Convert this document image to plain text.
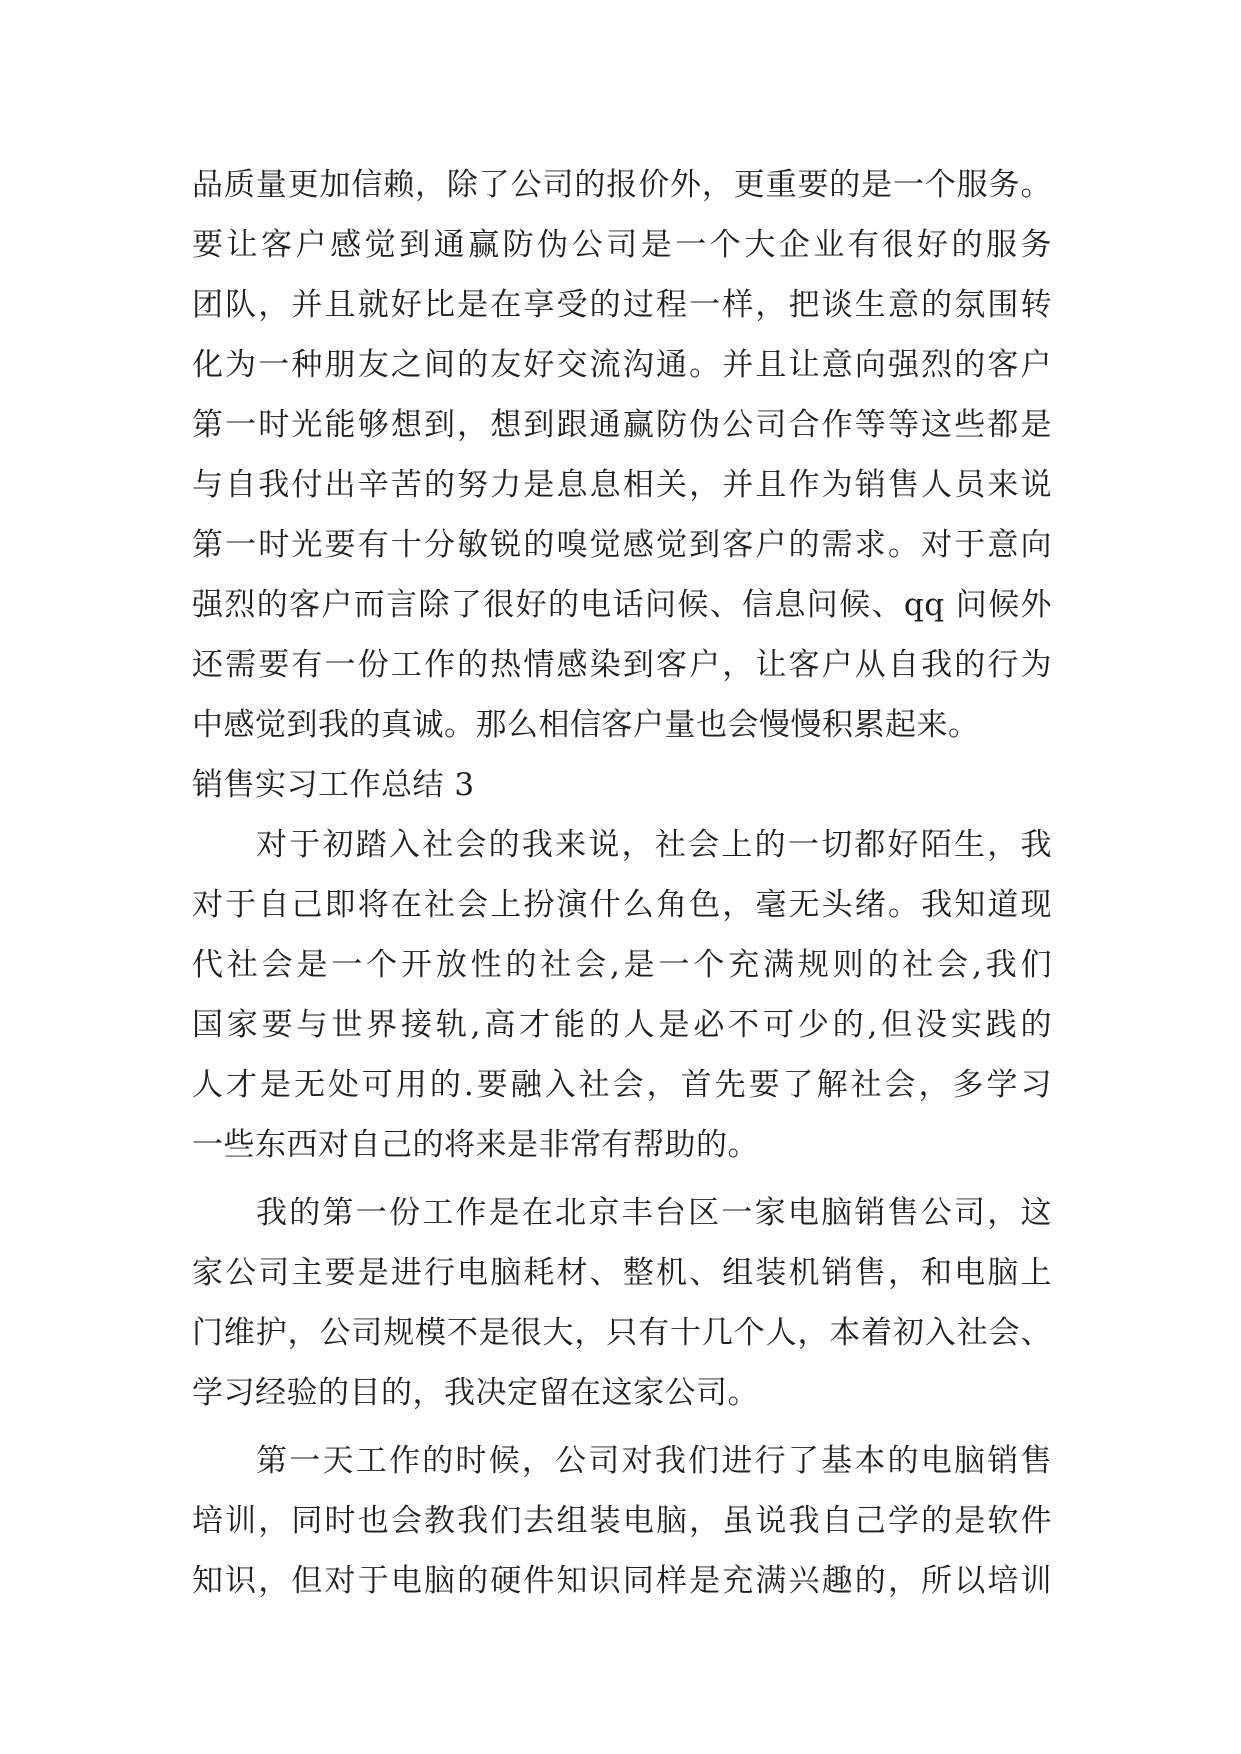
品质量更加信赖，除了公司的报价外，更重要的是一个服务。
要让客户感觉到通赢防伪公司是一个大企业有很好的服务
团队，并且就好比是在享受的过程一样，把谈生意的氛围转
化为一种朋友之间的友好交流沟通。并且让意向强烈的客户
第一时光能够想到，想到跟通赢防伪公司合作等等这些都是
与自我付出辛苦的努力是息息相关，并且作为销售人员来说
第一时光要有十分敏锐的嗅觉感觉到客户的需求。对于意向
强烈的客户而言除了很好的电话问候、信息问候、qq 问候外
还需要有一份工作的热情感染到客户，让客户从自我的行为
中感觉到我的真诚。那么相信客户量也会慢慢积累起来。
销售实习工作总结 3
对于初踏入社会的我来说，社会上的一切都好陌生，我
对于自己即将在社会上扮演什么角色，毫无头绪。我知道现
代社会是一个开放性的社会,是一个充满规则的社会,我们
国家要与世界接轨,高才能的人是必不可少的,但没实践的
人才是无处可用的.要融入社会，首先要了解社会，多学习
一些东西对自己的将来是非常有帮助的。
我的第一份工作是在北京丰台区一家电脑销售公司，这
家公司主要是进行电脑耗材、整机、组装机销售，和电脑上
门维护，公司规模不是很大，只有十几个人，本着初入社会、
学习经验的目的，我决定留在这家公司。
第一天工作的时候，公司对我们进行了基本的电脑销售
培训，同时也会教我们去组装电脑，虽说我自己学的是软件
知识，但对于电脑的硬件知识同样是充满兴趣的，所以培训
